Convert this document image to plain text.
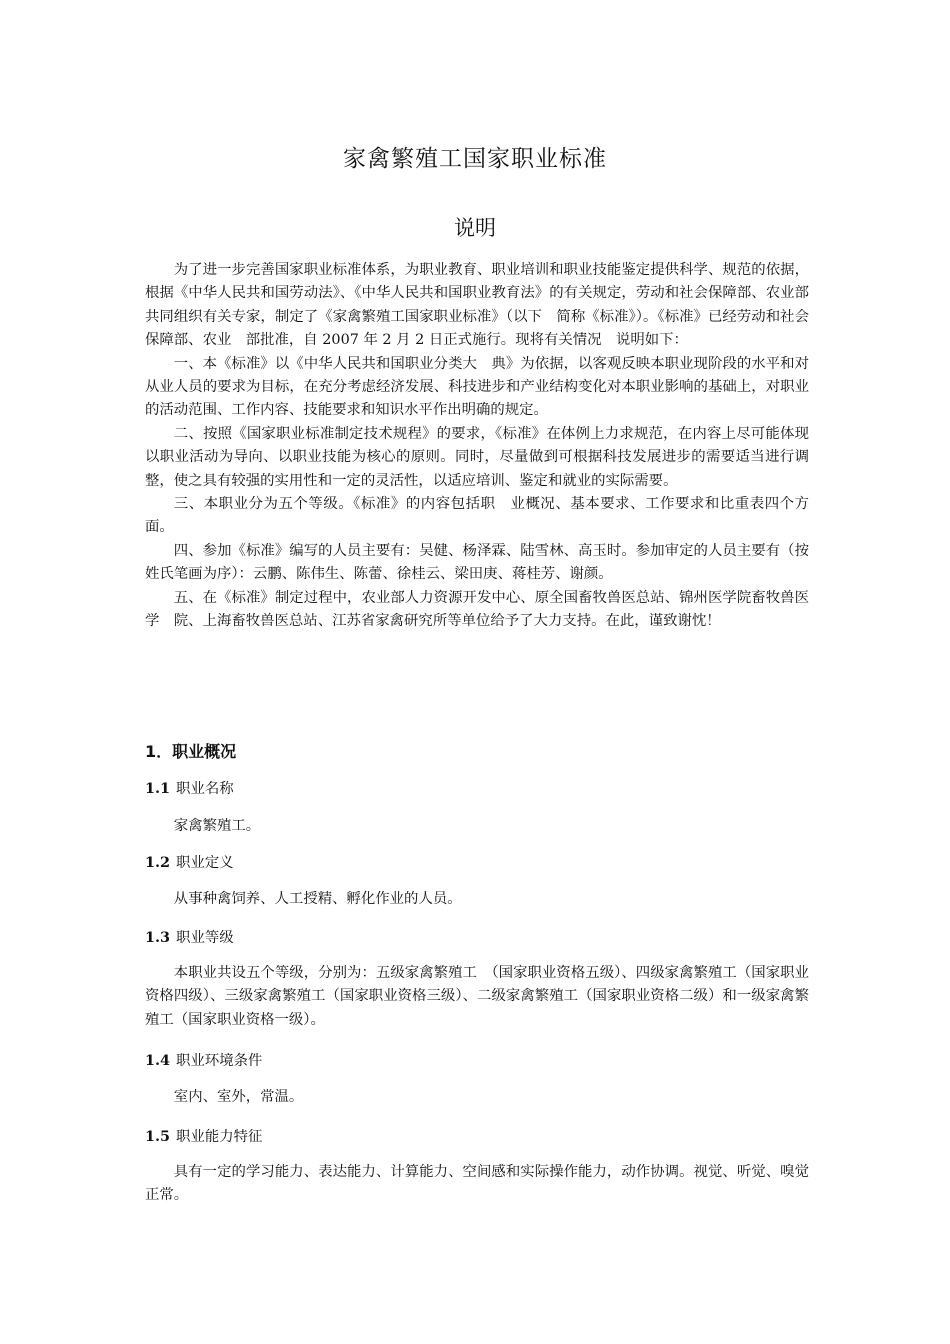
家禽繁殖工国家职业标准
说明

为了进一步完善国家职业标准体系，为职业教育、职业培训和职业技能鉴定提供科学、规范的依据，根据《中华人民共和国劳动法》、《中华人民共和国职业教育法》的有关规定，劳动和社会保障部、农业部共同组织有关专家，制定了《家禽繁殖工国家职业标准》（以下　简称《标准》）。《标准》已经劳动和社会保障部、农业　部批准，自 2007 年 2 月 2 日正式施行。现将有关情况　说明如下：

一、本《标准》以《中华人民共和国职业分类大　典》为依据，以客观反映本职业现阶段的水平和对从业人员的要求为目标，在充分考虑经济发展、科技进步和产业结构变化对本职业影响的基础上，对职业的活动范围、工作内容、技能要求和知识水平作出明确的规定。

二、按照《国家职业标准制定技术规程》的要求，《标准》在体例上力求规范，在内容上尽可能体现以职业活动为导向、以职业技能为核心的原则。同时，尽量做到可根据科技发展进步的需要适当进行调整，使之具有较强的实用性和一定的灵活性，以适应培训、鉴定和就业的实际需要。

三、本职业分为五个等级。《标准》的内容包括职　业概况、基本要求、工作要求和比重表四个方面。

四、参加《标准》编写的人员主要有：吴健、杨泽霖、陆雪林、高玉时。参加审定的人员主要有（按姓氏笔画为序）：云鹏、陈伟生、陈蕾、徐桂云、梁田庚、蒋桂芳、谢颜。

五、在《标准》制定过程中，农业部人力资源开发中心、原全国畜牧兽医总站、锦州医学院畜牧兽医学　院、上海畜牧兽医总站、江苏省家禽研究所等单位给予了大力支持。在此，谨致谢忱！

1．职业概况
1.1 职业名称

家禽繁殖工。

1.2 职业定义

从事种禽饲养、人工授精、孵化作业的人员。

1.3 职业等级

本职业共设五个等级，分别为：五级家禽繁殖工　（国家职业资格五级）、四级家禽繁殖工（国家职业资格四级）、三级家禽繁殖工（国家职业资格三级）、二级家禽繁殖工（国家职业资格二级）和一级家禽繁殖工（国家职业资格一级）。

1.4 职业环境条件

室内、室外，常温。

1.5 职业能力特征

具有一定的学习能力、表达能力、计算能力、空间感和实际操作能力，动作协调。视觉、听觉、嗅觉　　正常。
